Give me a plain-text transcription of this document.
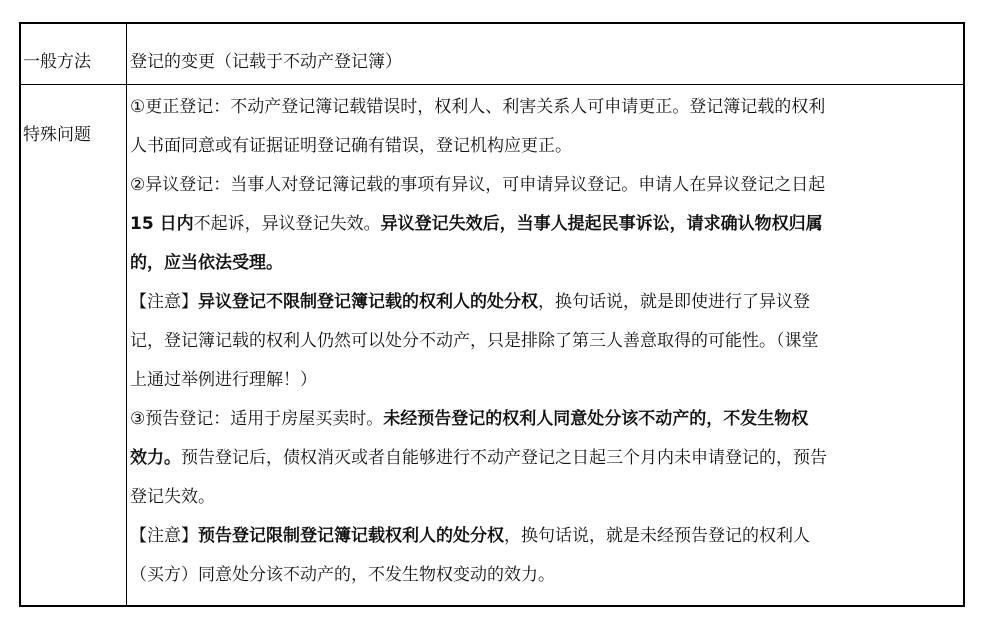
一般方法 登记的变更（记载于不动产登记簿）
特殊问题
①更正登记：不动产登记簿记载错误时，权利人、利害关系人可申请更正。登记簿记载的权利
人书面同意或有证据证明登记确有错误，登记机构应更正。
②异议登记：当事人对登记簿记载的事项有异议，可申请异议登记。申请人在异议登记之日起
15 日内不起诉，异议登记失效。异议登记失效后，当事人提起民事诉讼，请求确认物权归属
的，应当依法受理。
【注意】异议登记不限制登记簿记载的权利人的处分权，换句话说，就是即使进行了异议登
记，登记簿记载的权利人仍然可以处分不动产，只是排除了第三人善意取得的可能性。（课堂
上通过举例进行理解！）
③预告登记：适用于房屋买卖时。未经预告登记的权利人同意处分该不动产的，不发生物权
效力。预告登记后，债权消灭或者自能够进行不动产登记之日起三个月内未申请登记的，预告
登记失效。
【注意】预告登记限制登记簿记载权利人的处分权，换句话说，就是未经预告登记的权利人
（买方）同意处分该不动产的，不发生物权变动的效力。
